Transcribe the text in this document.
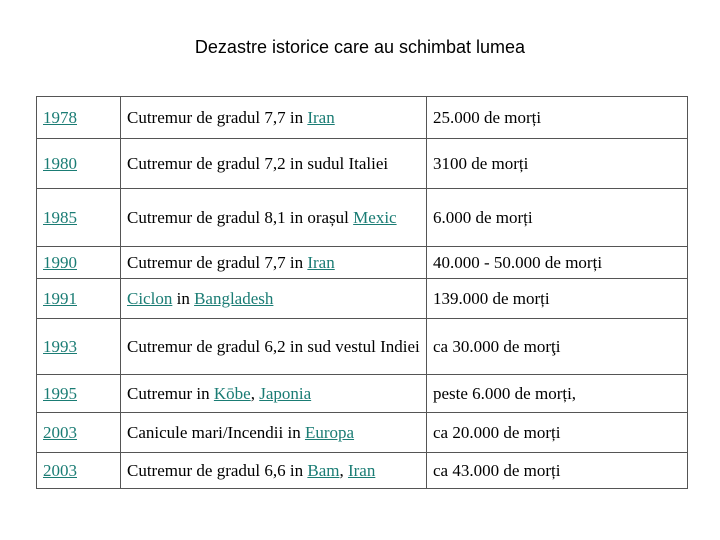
Dezastre istorice care au schimbat lumea
1978	Cutremur de gradul 7,7 in Iran	25.000 de morți
1980	Cutremur de gradul 7,2 in sudul Italiei	3100 de morți
1985	Cutremur de gradul 8,1 in orașul Mexic	6.000 de morți
1990	Cutremur de gradul 7,7 in Iran	40.000 - 50.000 de morți
1991	Ciclon in Bangladesh	139.000 de morți
1993	Cutremur de gradul 6,2 in sud vestul Indiei	ca 30.000 de morţi
1995	Cutremur in Kōbe, Japonia	peste 6.000 de morți,
2003	Canicule mari/Incendii in Europa	ca 20.000 de morți
2003	Cutremur de gradul 6,6 in Bam, Iran	ca 43.000 de morți
